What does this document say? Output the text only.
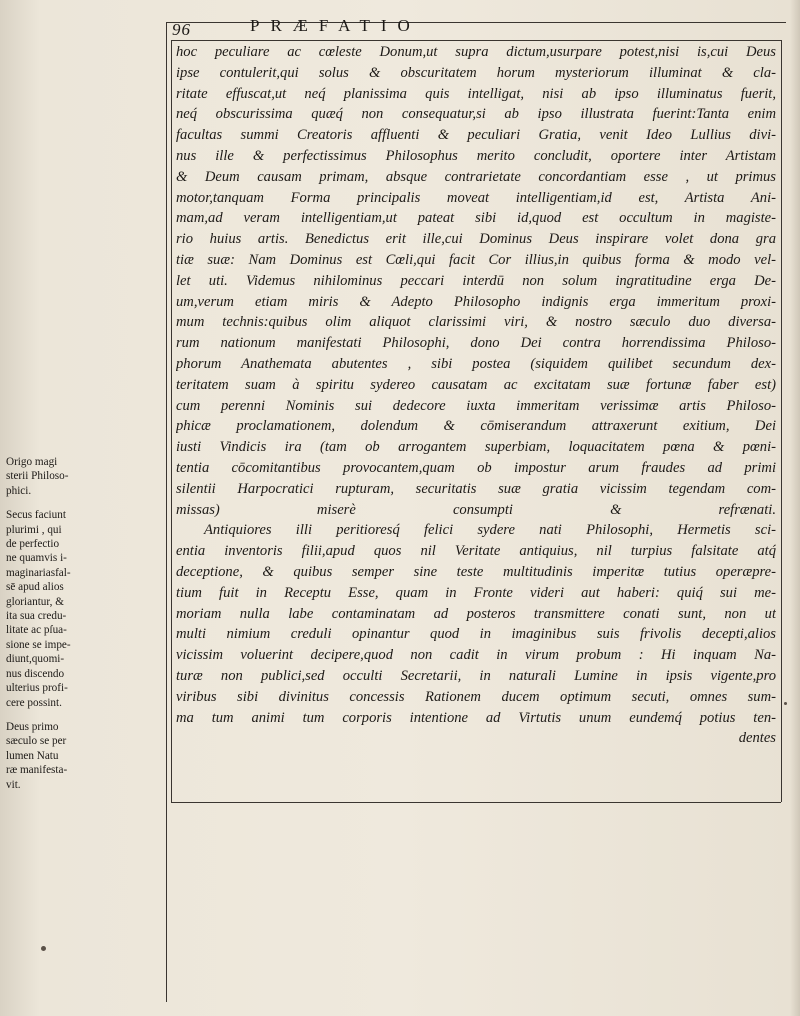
96	PRÆFATIO
hoc peculiare ac cœleste Donum,ut supra dictum,usurpare potest,nisi is,cui Deus
ipse contulerit,qui solus & obscuritatem horum mysteriorum illuminat & cla-
ritate effuscat,ut neq́ planissima quis intelligat, nisi ab ipso illuminatus fuerit,
neq́ obscurissima quæq́ non consequatur,si ab ipso illustrata fuerint:Tanta enim
facultas summi Creatoris affluenti & peculiari Gratia, venit Ideo Lullius divi-
nus ille & perfectissimus Philosophus merito concludit, oportere inter Artistam
& Deum causam primam, absque contrarietate concordantiam esse , ut primus
motor,tanquam Forma principalis moveat intelligentiam,id est, Artista Ani-
mam,ad veram intelligentiam,ut pateat sibi id,quod est occultum in magiste-
rio huius artis. Benedictus erit ille,cui Dominus Deus inspirare volet dona gra
tiæ suæ: Nam Dominus est Cœli,qui facit Cor illius,in quibus forma & modo vel-
let uti. Videmus nihilominus peccari interdū non solum ingratitudine erga De-
um,verum etiam miris & Adepto Philosopho indignis erga immeritum proxi-
mum technis:quibus olim aliquot clarissimi viri, & nostro sæculo duo diversa-
rum nationum manifestati Philosophi, dono Dei contra horrendissima Philoso-
phorum Anathemata abutentes , sibi postea (siquidem quilibet secundum dex-
teritatem suam à spiritu sydereo causatam ac excitatam suæ fortunæ faber est)
cum perenni Nominis sui dedecore iuxta immeritam verissimæ artis Philoso-
phicæ proclamationem, dolendum & cōmiserandum attraxerunt exitium, Dei
iusti Vindicis ira (tam ob arrogantem superbiam, loquacitatem pœna & pœni-
tentia cōcomitantibus provocantem,quam ob impostur arum fraudes ad primi
silentii Harpocratici rupturam, securitatis suæ gratia vicissim tegendam com-
missas) miserè consumpti & refrænati.
Antiquiores illi peritioresq́ felici sydere nati Philosophi, Hermetis sci-
entia inventoris filii,apud quos nil Veritate antiquius, nil turpius falsitate atq́
deceptione, & quibus semper sine teste multitudinis imperitæ tutius operæpre-
tium fuit in Receptu Esse, quam in Fronte videri aut haberi: quiq́ sui me-
moriam nulla labe contaminatam ad posteros transmittere conati sunt, non ut
multi nimium creduli opinantur quod in imaginibus suis frivolis decepti,alios
vicissim voluerint decipere,quod non cadit in virum probum : Hi inquam Na-
turæ non publici,sed occulti Secretarii, in naturali Lumine in ipsis vigente,pro
viribus sibi divinitus concessis Rationem ducem optimum secuti, omnes sum-
ma tum animi tum corporis intentione ad Virtutis unum eundemq́ potius ten-
dentes
Origo magi
sterii Philoso-
phici.
Secus faciunt
plurimi , qui
de perfectio
ne quamvis i-
maginariasfal-
sē apud alios
gloriantur, &
ita sua credu-
litate ac pſua-
sione se impe-
diunt,quomi-
nus discendo
ulterius profi-
cere possint.
Deus primo
sæculo se per
lumen Natu
ræ manifesta-
vit.
